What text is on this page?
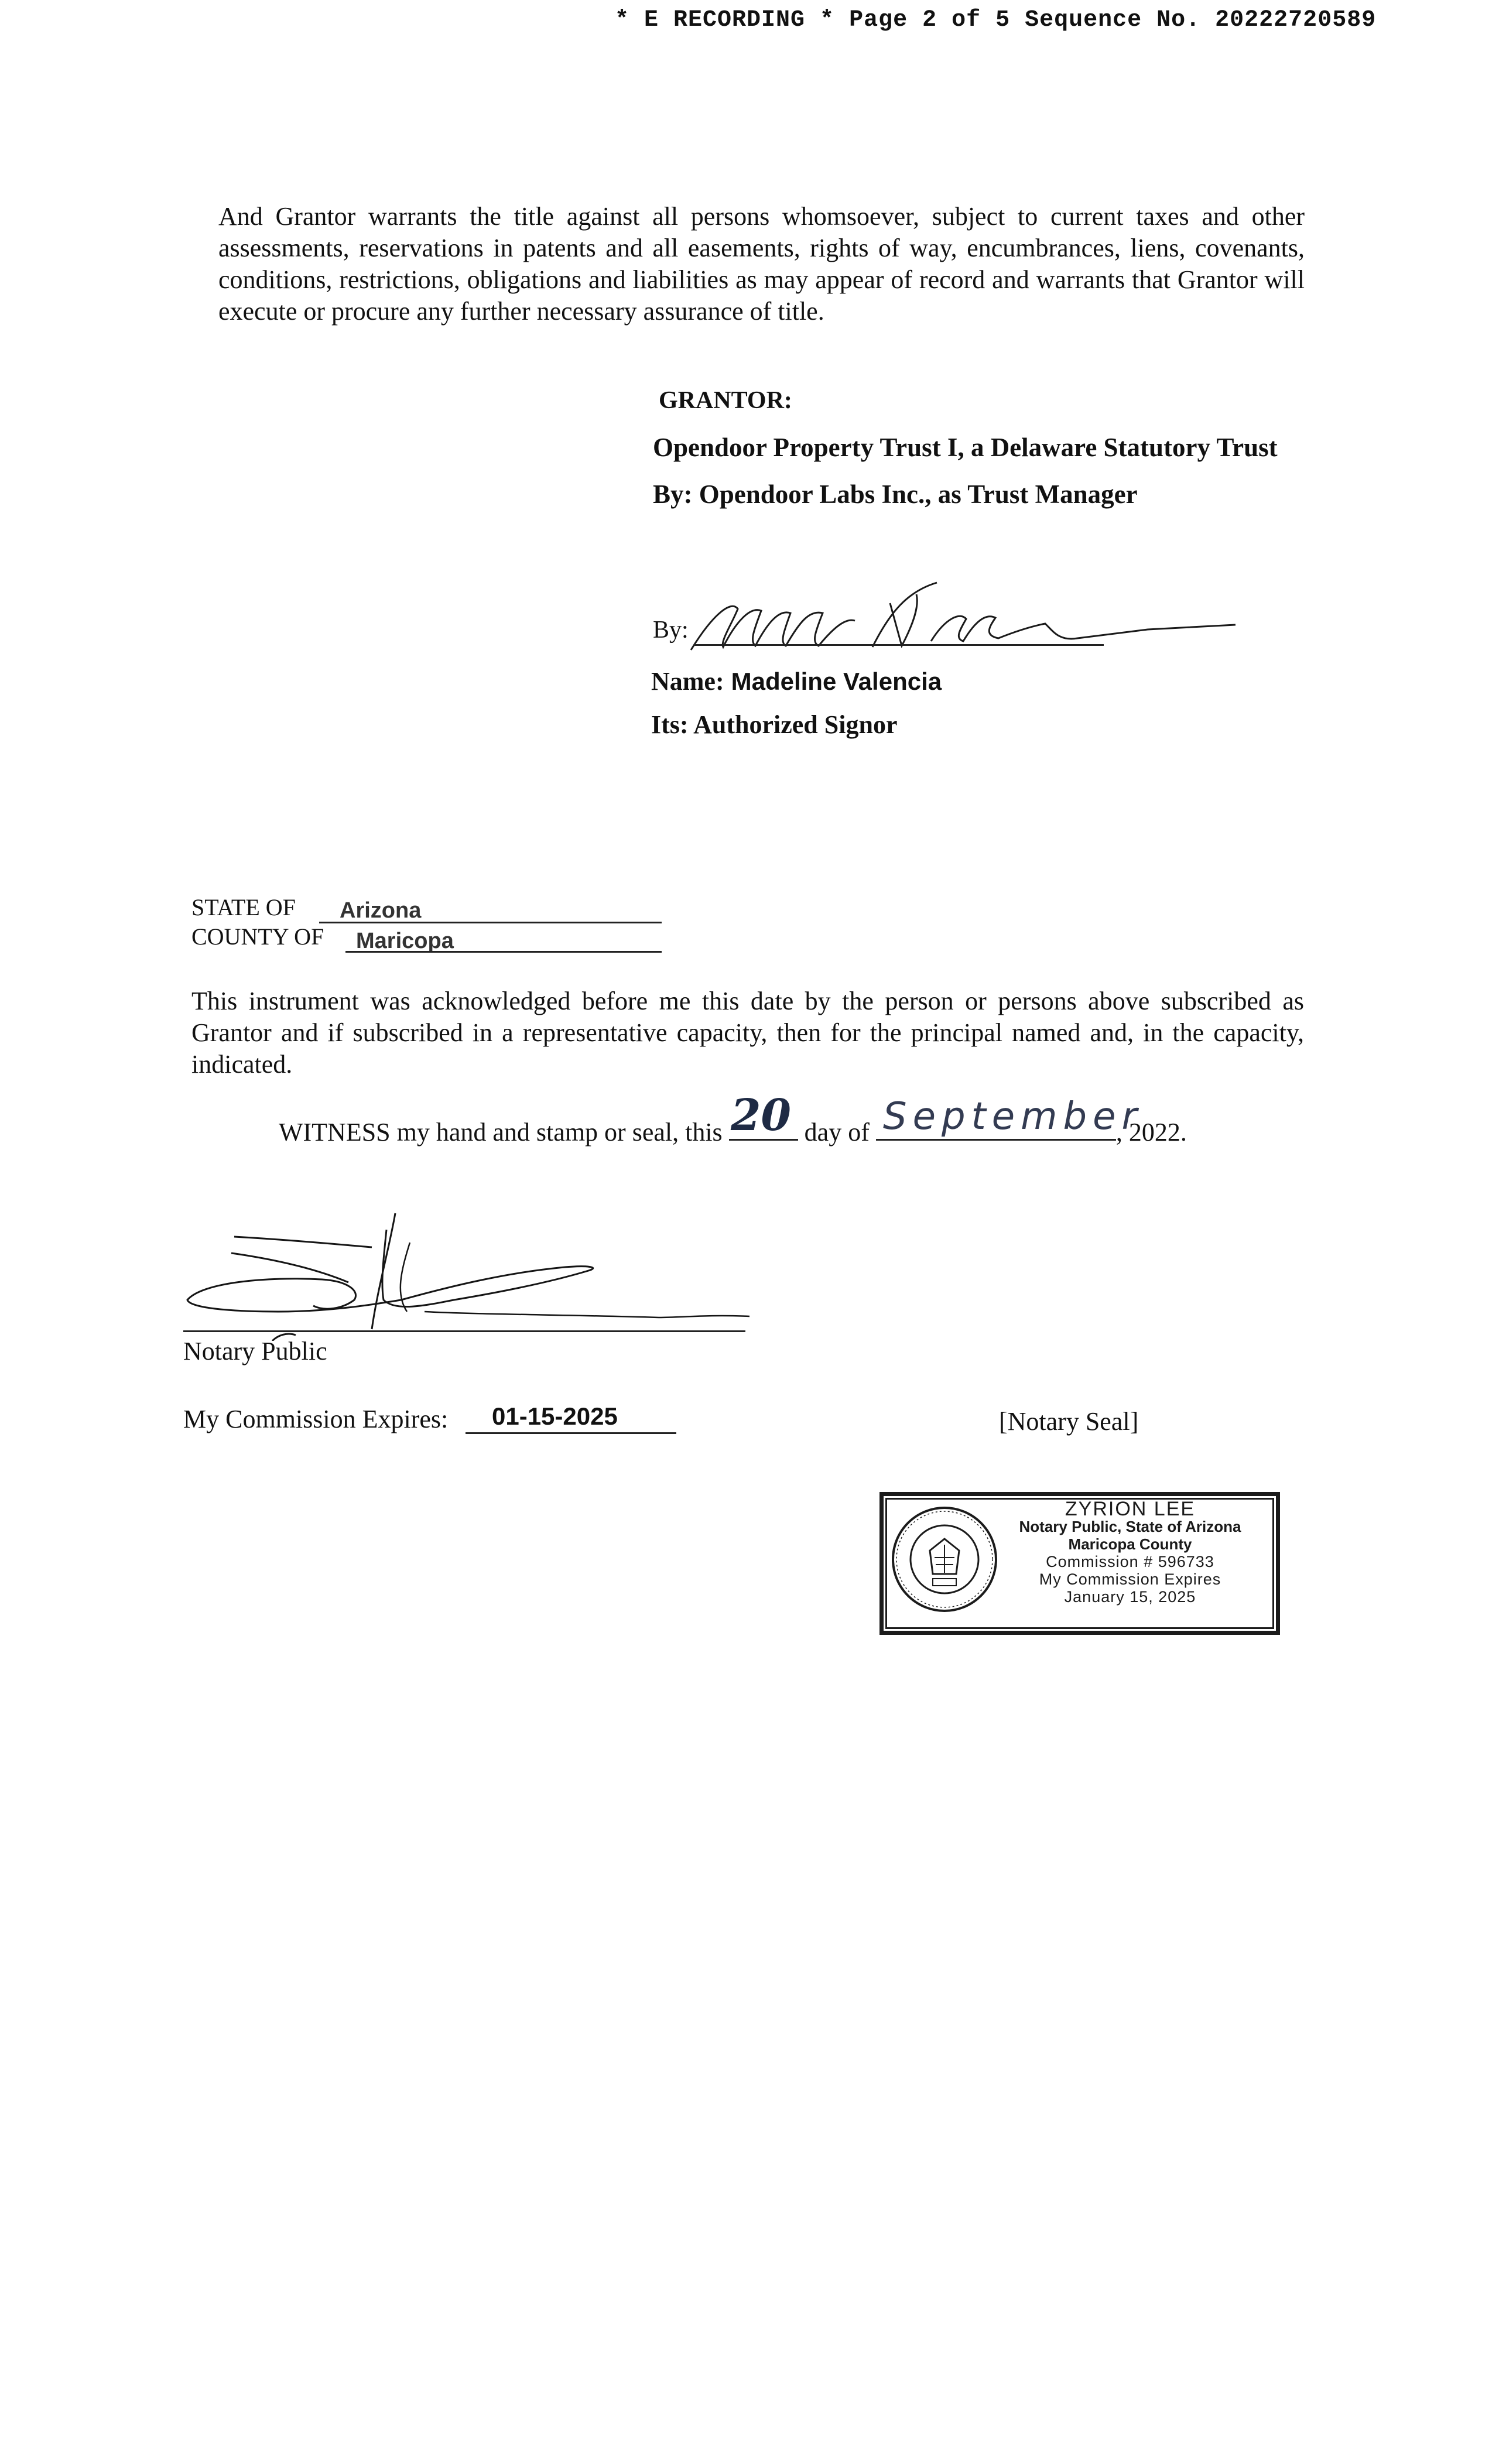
* E RECORDING * Page 2 of 5 Sequence No. 20222720589
And Grantor warrants the title against all persons whomsoever, subject to current taxes and other assessments, reservations in patents and all easements, rights of way, encumbrances, liens, covenants, conditions, restrictions, obligations and liabilities as may appear of record and warrants that Grantor will execute or procure any further necessary assurance of title.
GRANTOR:
Opendoor Property Trust I, a Delaware Statutory Trust
By: Opendoor Labs Inc., as Trust Manager
By:
Name: Madeline Valencia
Its: Authorized Signor
STATE OF Arizona
COUNTY OF Maricopa
This instrument was acknowledged before me this date by the person or persons above subscribed as Grantor and if subscribed in a representative capacity, then for the principal named and, in the capacity, indicated.
WITNESS my hand and stamp or seal, this	day of	, 2022.
20 September
Notary Public
My Commission Expires: 01-15-2025	[Notary Seal]
ZYRION LEE
Notary Public, State of Arizona
Maricopa County
Commission # 596733
My Commission Expires
January 15, 2025
